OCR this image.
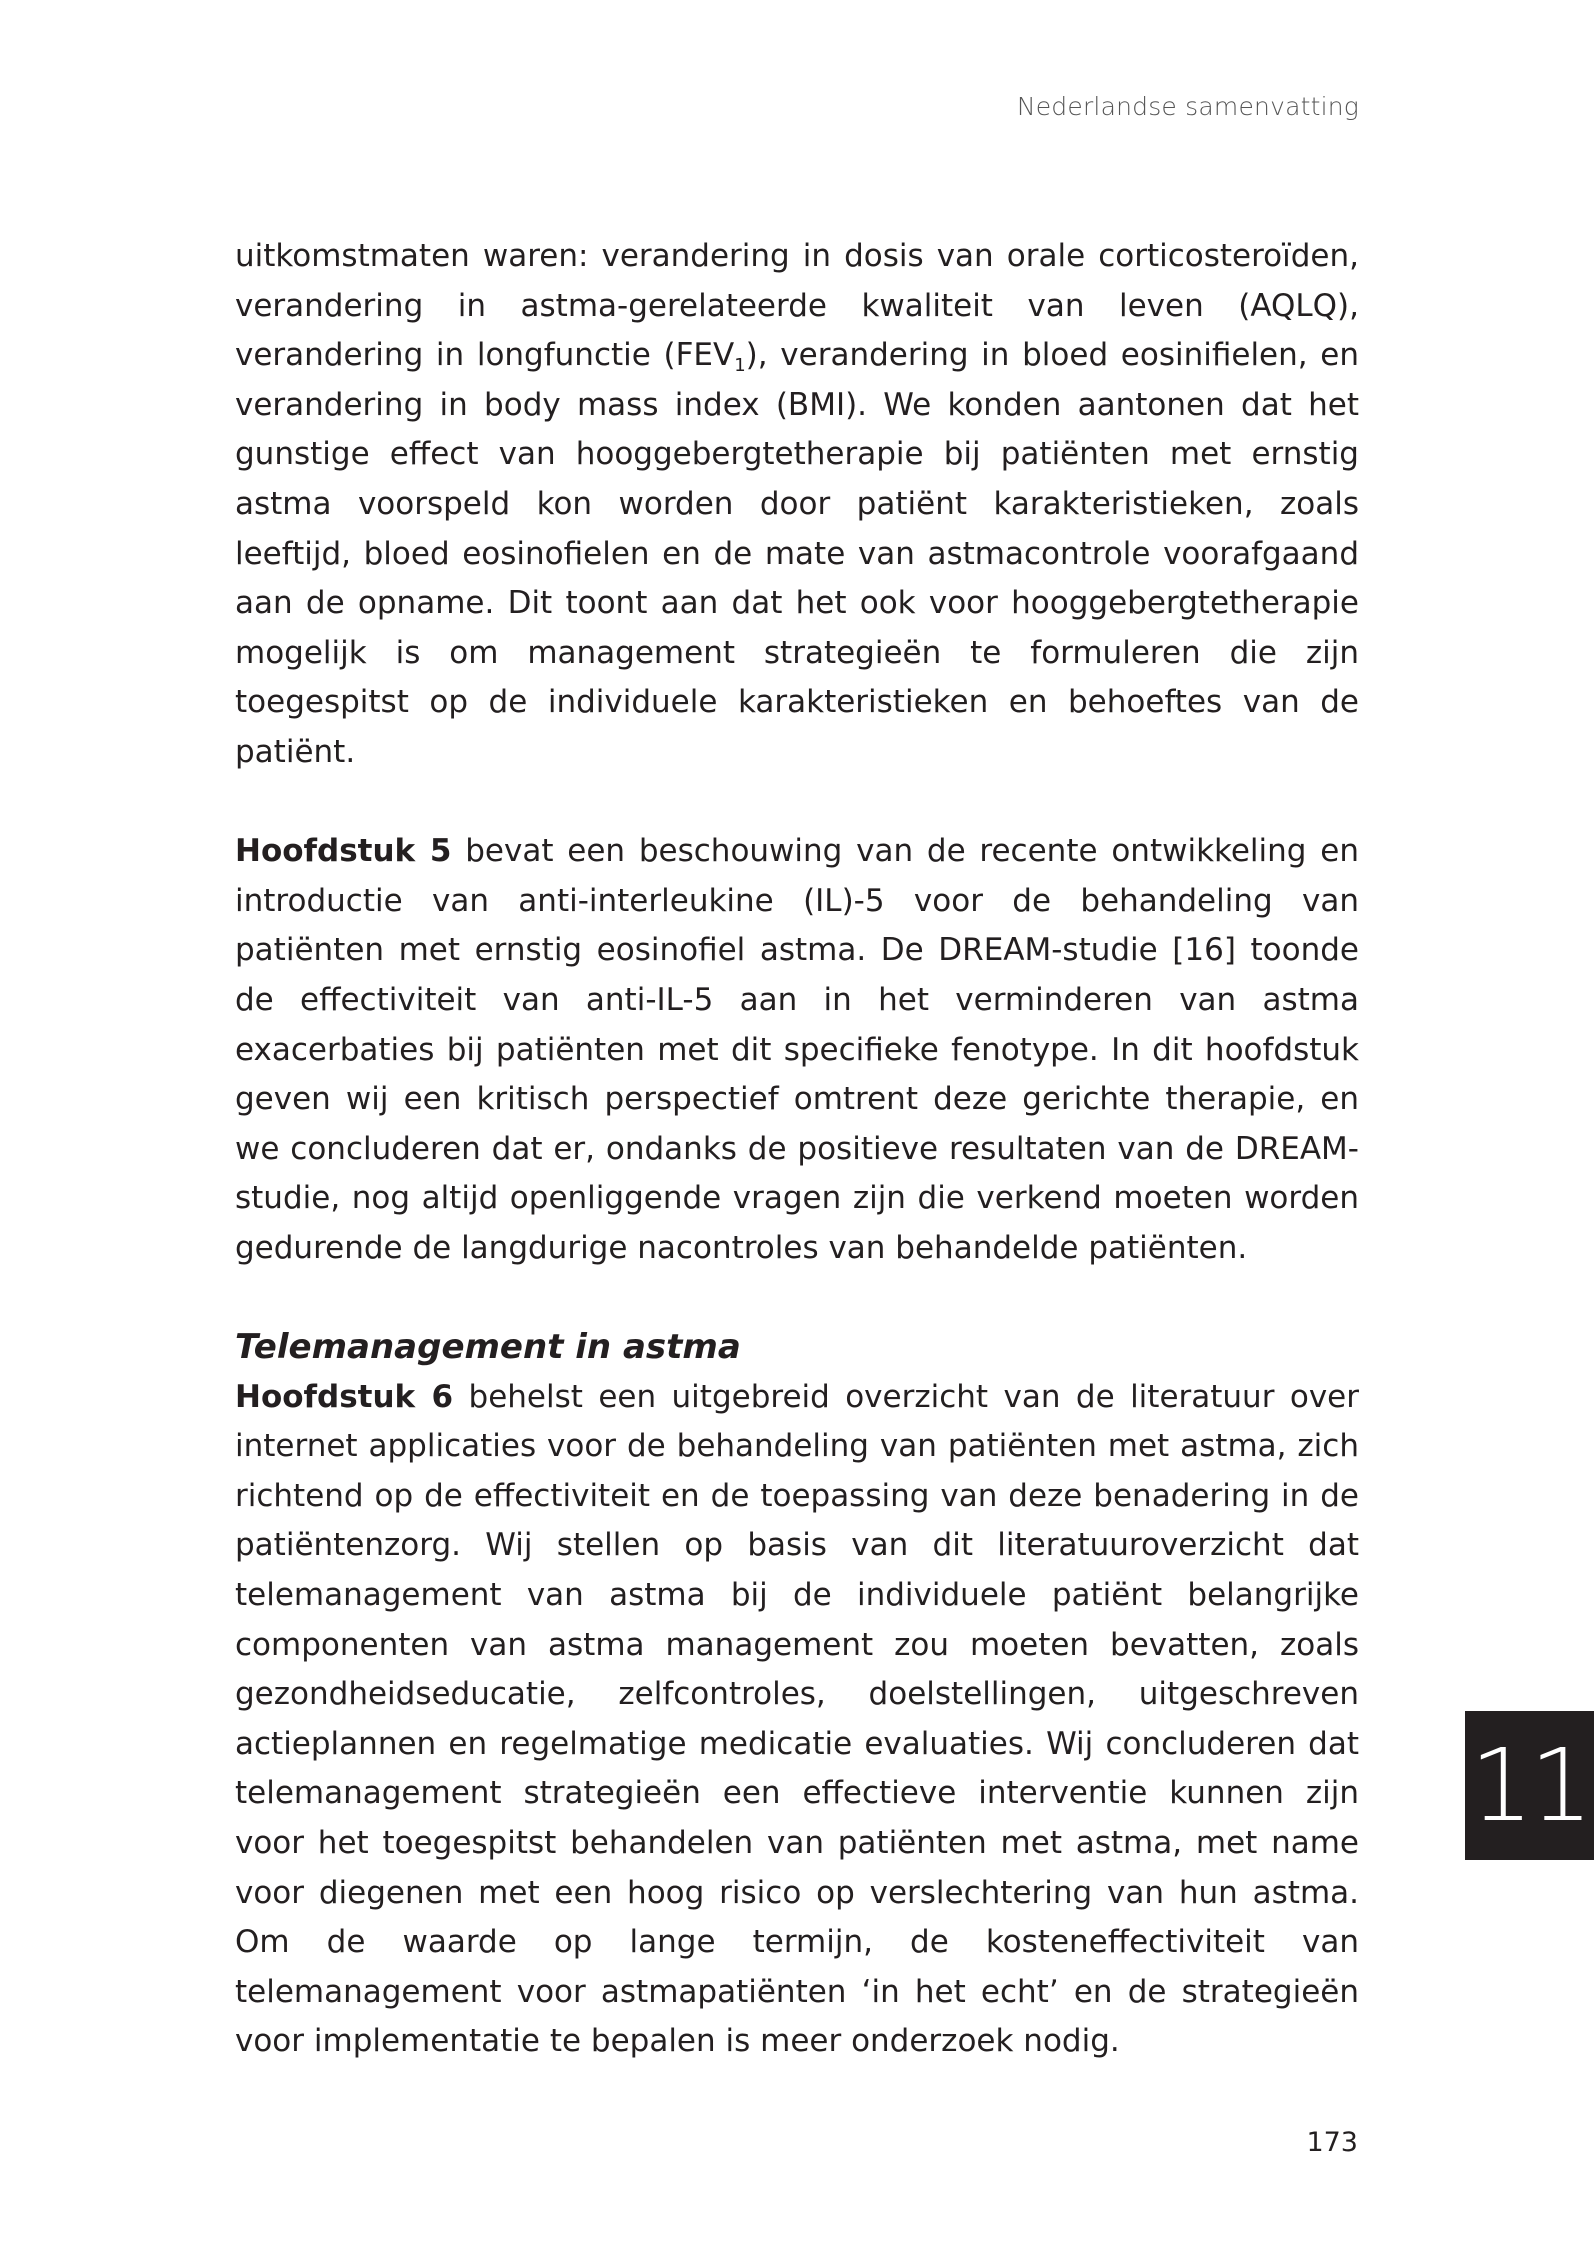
Nederlandse samenvatting

uitkomstmaten waren: verandering in dosis van orale corticosteroïden, verandering in astma-gerelateerde kwaliteit van leven (AQLQ), verandering in longfunctie $(FEV_1)$, verandering in bloed eosinifielen, en verandering in body mass index (BMI). We konden aantonen dat het gunstige effect van hooggebergtetherapie bij patiënten met ernstig astma voorspeld kon worden door patiënt karakteristieken, zoals leeftijd, bloed eosinofielen en de mate van astmacontrole voorafgaand aan de opname. Dit toont aan dat het ook voor hooggebergtetherapie mogelijk is om management strategieën te formuleren die zijn toegespitst op de individuele karakteristieken en behoeftes van de patiënt.

Hoofdstuk 5 bevat een beschouwing van de recente ontwikkeling en introductie van anti-interleukine (IL)-5 voor de behandeling van patiënten met ernstig eosinofiel astma. De DREAM-studie [16] toonde de effectiviteit van anti-IL-5 aan in het verminderen van astma exacerbaties bij patiënten met dit specifieke fenotype. In dit hoofdstuk geven wij een kritisch perspectief omtrent deze gerichte therapie, en we concluderen dat er, ondanks de positieve resultaten van de DREAM-studie, nog altijd openliggende vragen zijn die verkend moeten worden gedurende de langdurige nacontroles van behandelde patiënten.

Telemanagement in astma

Hoofdstuk 6 behelst een uitgebreid overzicht van de literatuur over internet applicaties voor de behandeling van patiënten met astma, zich richtend op de effectiviteit en de toepassing van deze benadering in de patiëntenzorg. Wij stellen op basis van dit literatuuroverzicht dat telemanagement van astma bij de individuele patiënt belangrijke componenten van astma management zou moeten bevatten, zoals gezondheidseducatie, zelfcontroles, doelstellingen, uitgeschreven actieplannen en regelmatige medicatie evaluaties. Wij concluderen dat telemanagement strategieën een effectieve interventie kunnen zijn voor het toegespitst behandelen van patiënten met astma, met name voor diegenen met een hoog risico op verslechtering van hun astma. Om de waarde op lange termijn, de kosteneffectiviteit van telemanagement voor astmapatiënten ‘in het echt’ en de strategieën voor implementatie te bepalen is meer onderzoek nodig.

11
173
